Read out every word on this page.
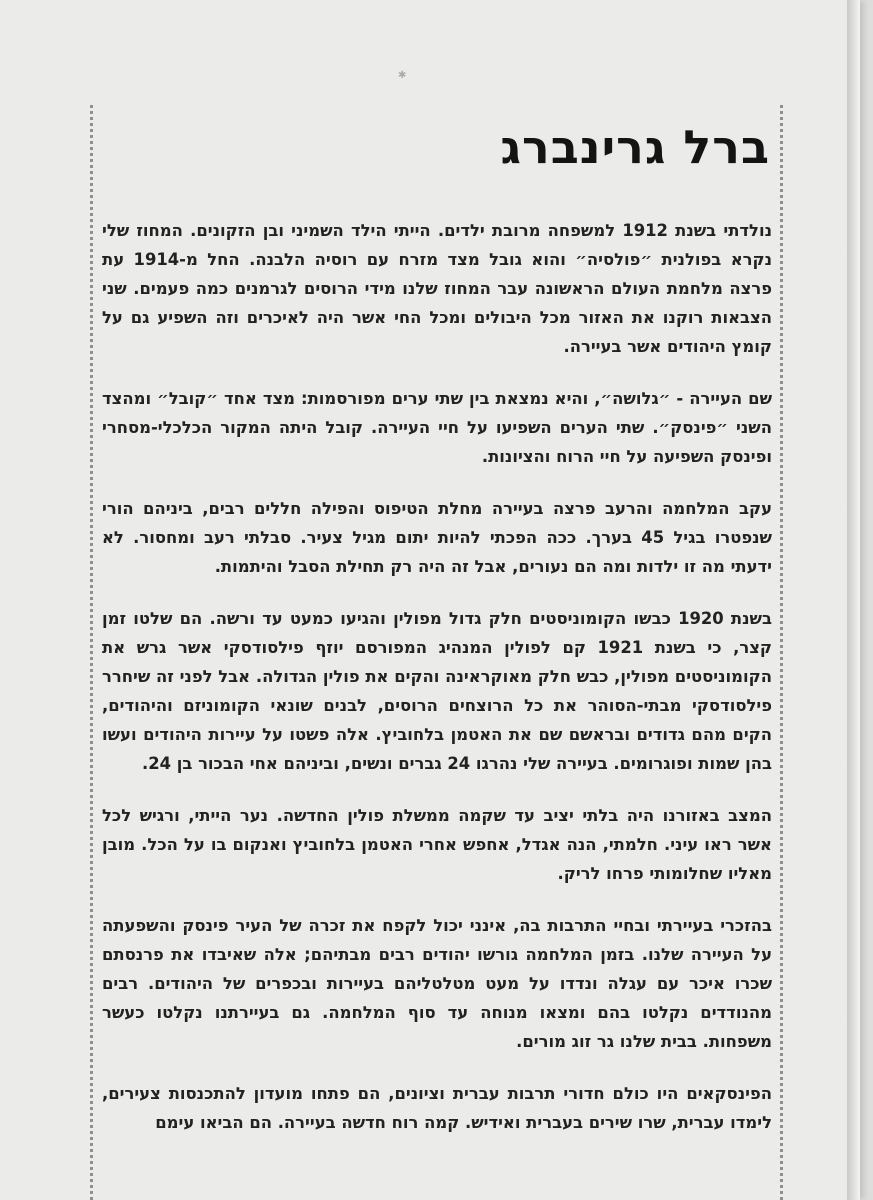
✱
ברל גרינברג

נולדתי בשנת 1912 למשפחה מרובת ילדים. הייתי הילד השמיני ובן הזקונים. המחוז שלי נקרא בפולנית ״פולסיה״ והוא גובל מצד מזרח עם רוסיה הלבנה. החל מ-1914 עת פרצה מלחמת העולם הראשונה עבר המחוז שלנו מידי הרוסים לגרמנים כמה פעמים. שני הצבאות רוקנו את האזור מכל היבולים ומכל החי אשר היה לאיכרים וזה השפיע גם על קומץ היהודים אשר בעיירה.

שם העיירה - ״גלושה״, והיא נמצאת בין שתי ערים מפורסמות: מצד אחד ״קובל״ ומהצד השני ״פינסק״. שתי הערים השפיעו על חיי העיירה. קובל היתה המקור הכלכלי-מסחרי ופינסק השפיעה על חיי הרוח והציונות.

עקב המלחמה והרעב פרצה בעיירה מחלת הטיפוס והפילה חללים רבים, ביניהם הורי שנפטרו בגיל 45 בערך. ככה הפכתי להיות יתום מגיל צעיר. סבלתי רעב ומחסור. לא ידעתי מה זו ילדות ומה הם נעורים, אבל זה היה רק תחילת הסבל והיתמות.

בשנת 1920 כבשו הקומוניסטים חלק גדול מפולין והגיעו כמעט עד ורשה. הם שלטו זמן קצר, כי בשנת 1921 קם לפולין המנהיג המפורסם יוזף פילסודסקי אשר גרש את הקומוניסטים מפולין, כבש חלק מאוקראינה והקים את פולין הגדולה. אבל לפני זה שיחרר פילסודסקי מבתי-הסוהר את כל הרוצחים הרוסים, לבנים שונאי הקומוניזם והיהודים, הקים מהם גדודים ובראשם שם את האטמן בלחוביץ. אלה פשטו על עיירות היהודים ועשו בהן שמות ופוגרומים. בעיירה שלי נהרגו 24 גברים ונשים, וביניהם אחי הבכור בן 24.

המצב באזורנו היה בלתי יציב עד שקמה ממשלת פולין החדשה. נער הייתי, ורגיש לכל אשר ראו עיני. חלמתי, הנה אגדל, אחפש אחרי האטמן בלחוביץ ואנקום בו על הכל. מובן מאליו שחלומותי פרחו לריק.

בהזכרי בעיירתי ובחיי התרבות בה, אינני יכול לקפח את זכרה של העיר פינסק והשפעתה על העיירה שלנו. בזמן המלחמה גורשו יהודים רבים מבתיהם; אלה שאיבדו את פרנסתם שכרו איכר עם עגלה ונדדו על מעט מטלטליהם בעיירות ובכפרים של היהודים. רבים מהנודדים נקלטו בהם ומצאו מנוחה עד סוף המלחמה. גם בעיירתנו נקלטו כעשר משפחות. בבית שלנו גר זוג מורים.

הפינסקאים היו כולם חדורי תרבות עברית וציונים, הם פתחו מועדון להתכנסות צעירים, לימדו עברית, שרו שירים בעברית ואידיש. קמה רוח חדשה בעיירה. הם הביאו עימם
